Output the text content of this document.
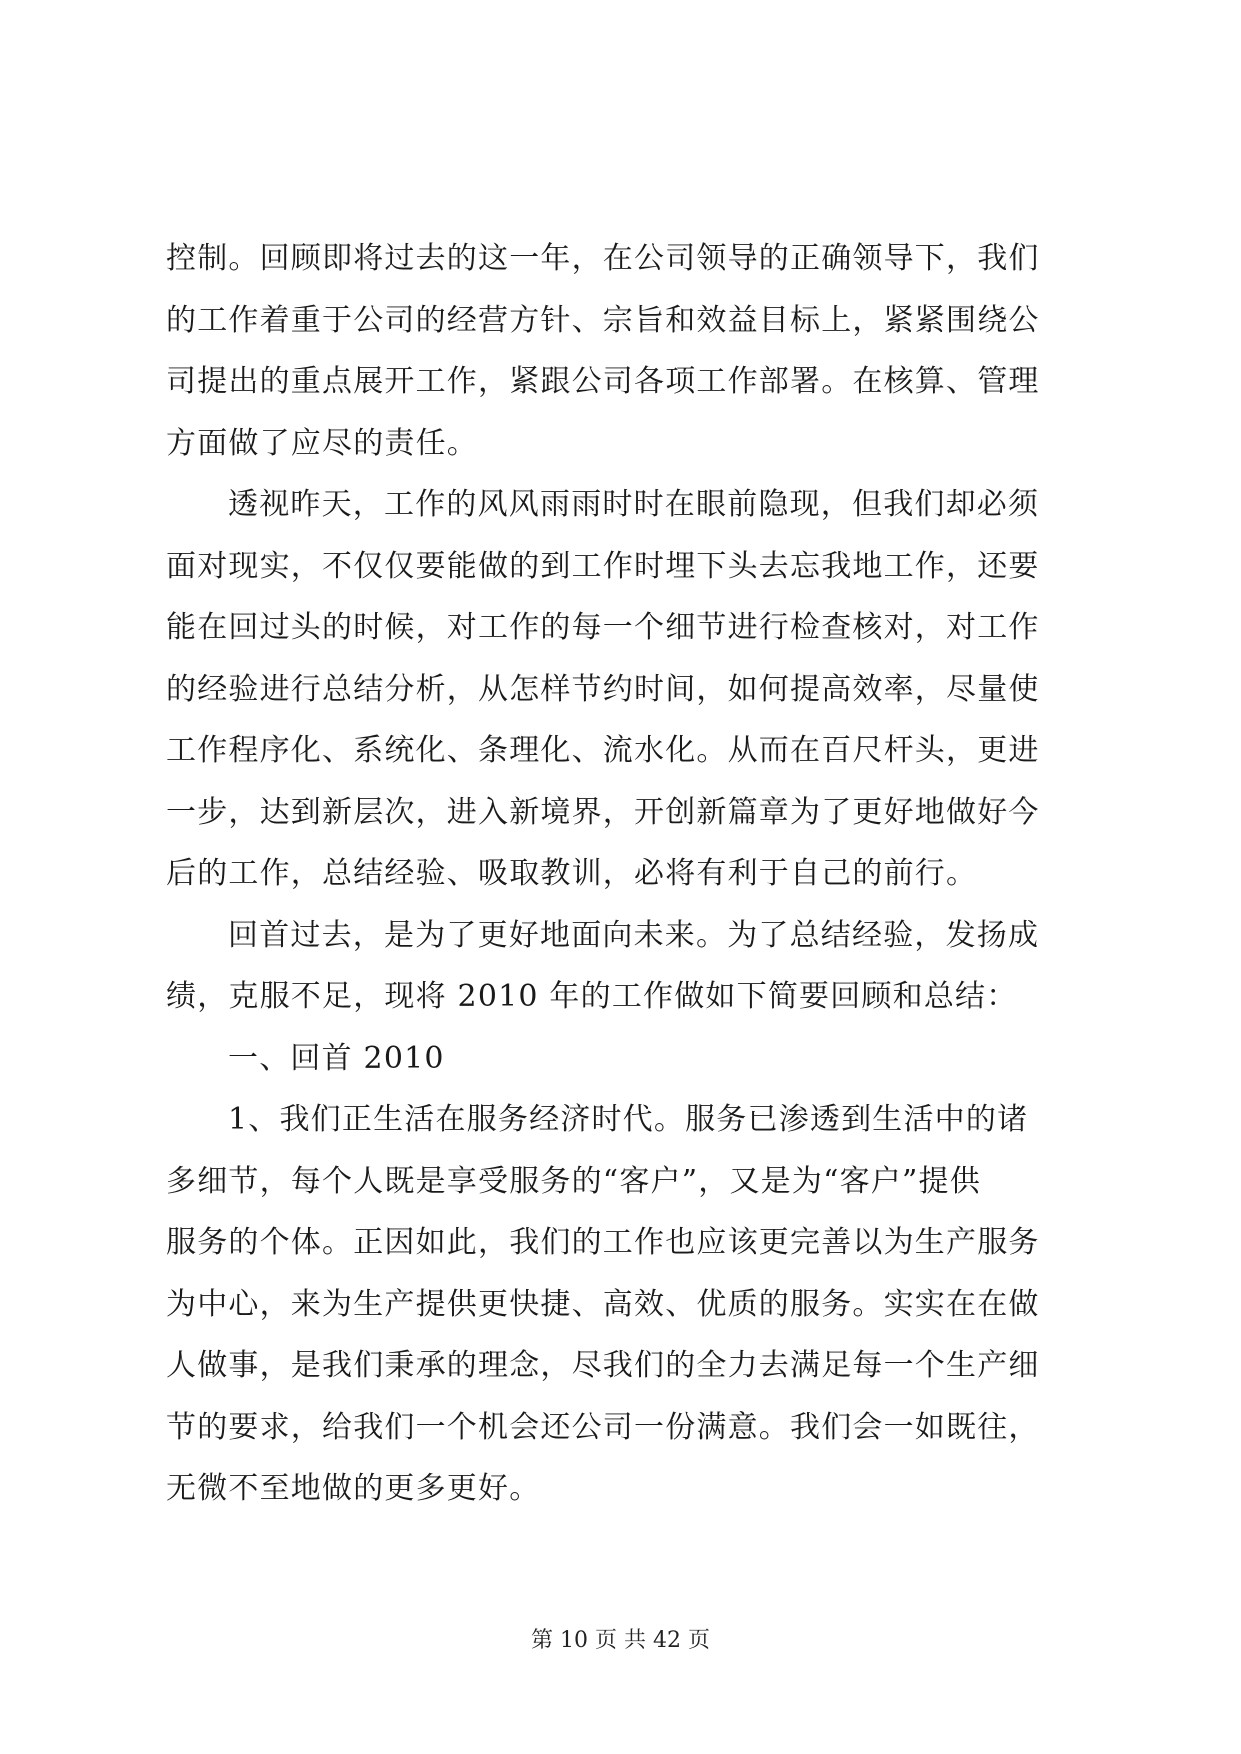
控制。回顾即将过去的这一年，在公司领导的正确领导下，我们
的工作着重于公司的经营方针、宗旨和效益目标上，紧紧围绕公
司提出的重点展开工作，紧跟公司各项工作部署。在核算、管理
方面做了应尽的责任。
透视昨天，工作的风风雨雨时时在眼前隐现，但我们却必须
面对现实，不仅仅要能做的到工作时埋下头去忘我地工作，还要
能在回过头的时候，对工作的每一个细节进行检查核对，对工作
的经验进行总结分析，从怎样节约时间，如何提高效率，尽量使
工作程序化、系统化、条理化、流水化。从而在百尺杆头，更进
一步，达到新层次，进入新境界，开创新篇章为了更好地做好今
后的工作，总结经验、吸取教训，必将有利于自己的前行。
回首过去，是为了更好地面向未来。为了总结经验，发扬成
绩，克服不足，现将 2010 年的工作做如下简要回顾和总结：
一、回首 2010
1、我们正生活在服务经济时代。服务已渗透到生活中的诸
多细节，每个人既是享受服务的“客户”，又是为“客户”提供
服务的个体。正因如此，我们的工作也应该更完善以为生产服务
为中心，来为生产提供更快捷、高效、优质的服务。实实在在做
人做事，是我们秉承的理念，尽我们的全力去满足每一个生产细
节的要求，给我们一个机会还公司一份满意。我们会一如既往，
无微不至地做的更多更好。
第 10 页 共 42 页
